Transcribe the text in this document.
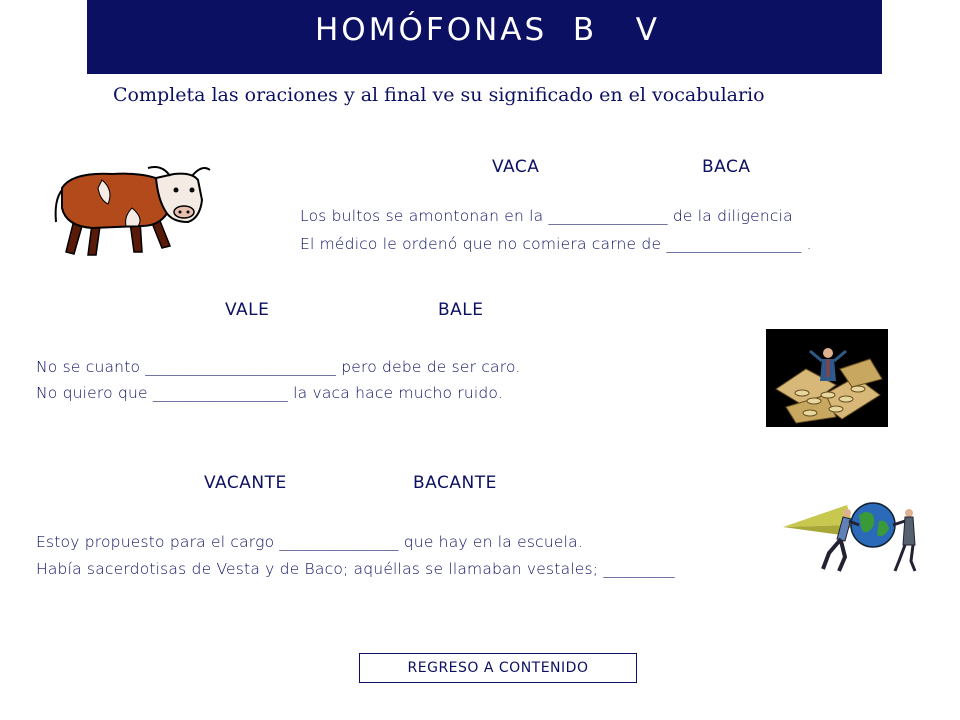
HOMÓFONAS  B   V
Completa las oraciones y al final ve su significado en el vocabulario
VACA	BACA
Los bultos se amontonan en la _______________ de la diligencia
El médico le ordenó que no comiera carne de _________________ .
VALE	BALE
No se cuanto ________________________ pero debe de ser caro.
No quiero que _________________ la vaca hace mucho ruido.
VACANTE	BACANTE
Estoy propuesto para el cargo _______________ que hay en la escuela.
Había sacerdotisas de Vesta y de Baco; aquéllas se llamaban vestales; _________
REGRESO A CONTENIDO
